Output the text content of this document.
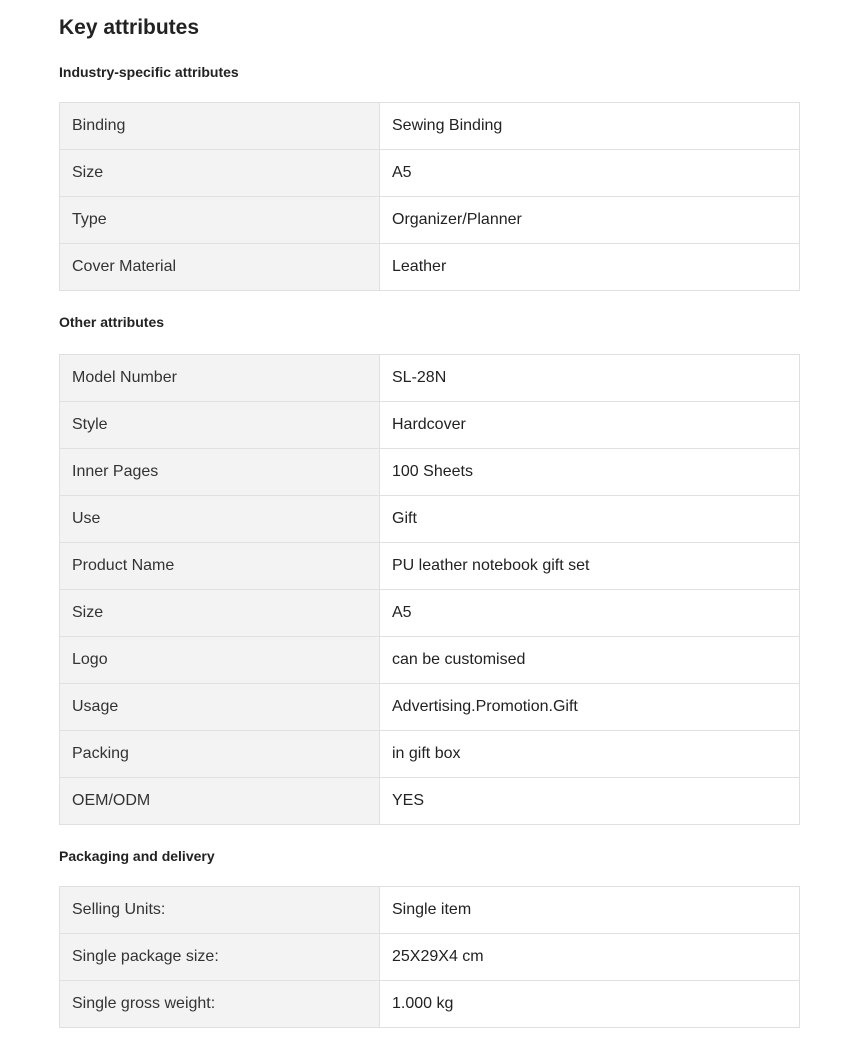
Key attributes
Industry-specific attributes
Binding	Sewing Binding
Size	A5
Type	Organizer/Planner
Cover Material	Leather
Other attributes
Model Number	SL-28N
Style	Hardcover
Inner Pages	100 Sheets
Use	Gift
Product Name	PU leather notebook gift set
Size	A5
Logo	can be customised
Usage	Advertising.Promotion.Gift
Packing	in gift box
OEM/ODM	YES
Packaging and delivery
Selling Units:	Single item
Single package size:	25X29X4 cm
Single gross weight:	1.000 kg
